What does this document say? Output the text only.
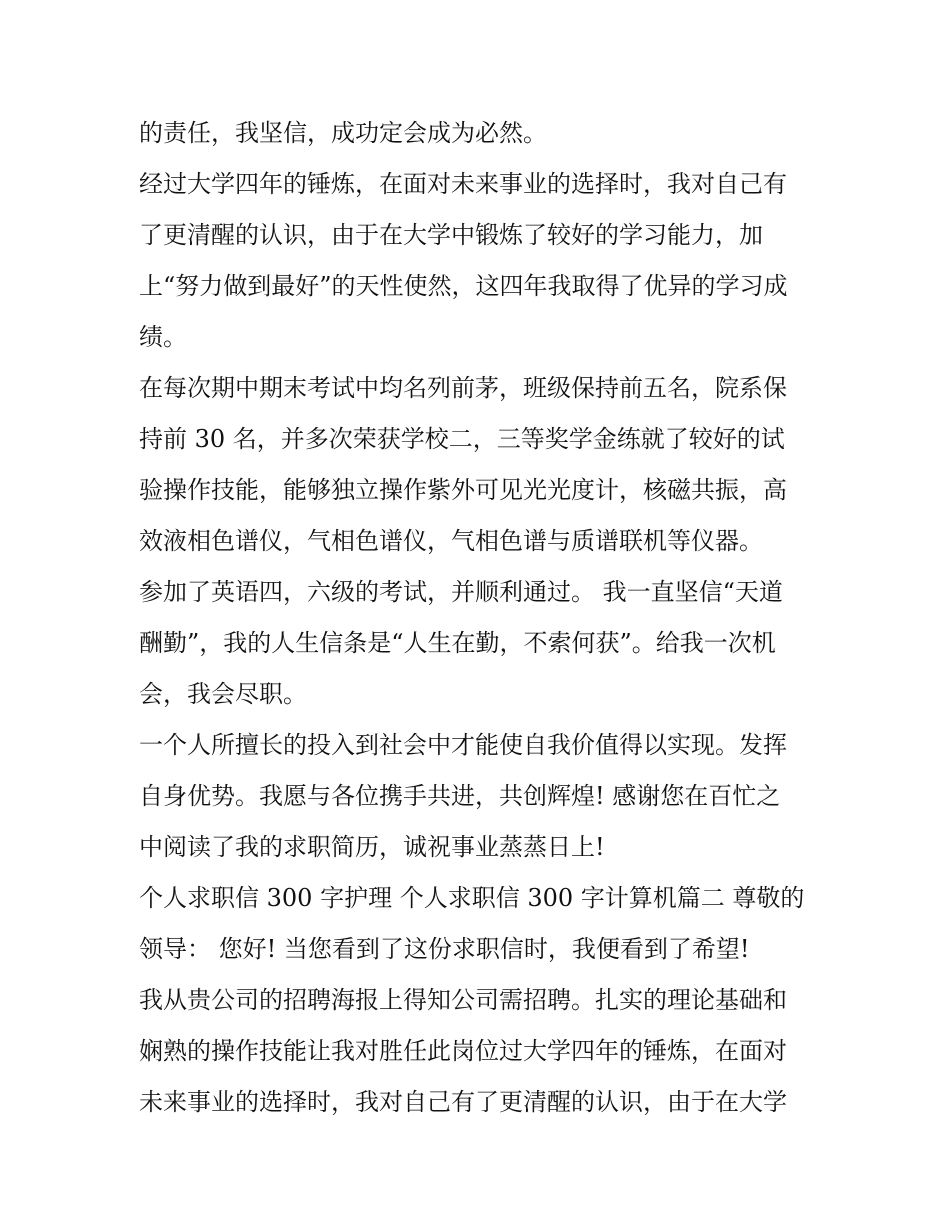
的责任，我坚信，成功定会成为必然。
经过大学四年的锤炼，在面对未来事业的选择时，我对自己有
了更清醒的认识，由于在大学中锻炼了较好的学习能力，加
上“努力做到最好”的天性使然，这四年我取得了优异的学习成
绩。
在每次期中期末考试中均名列前茅，班级保持前五名，院系保
持前 30 名，并多次荣获学校二，三等奖学金练就了较好的试
验操作技能，能够独立操作紫外可见光光度计，核磁共振，高
效液相色谱仪，气相色谱仪，气相色谱与质谱联机等仪器。
参加了英语四，六级的考试，并顺利通过。 我一直坚信“天道
酬勤”，我的人生信条是“人生在勤，不索何获”。给我一次机
会，我会尽职。
一个人所擅长的投入到社会中才能使自我价值得以实现。发挥
自身优势。我愿与各位携手共进，共创辉煌! 感谢您在百忙之
中阅读了我的求职简历，诚祝事业蒸蒸日上!
个人求职信 300 字护理 个人求职信 300 字计算机篇二 尊敬的
领导： 您好! 当您看到了这份求职信时，我便看到了希望!
我从贵公司的招聘海报上得知公司需招聘。扎实的理论基础和
娴熟的操作技能让我对胜任此岗位过大学四年的锤炼，在面对
未来事业的选择时，我对自己有了更清醒的认识，由于在大学
